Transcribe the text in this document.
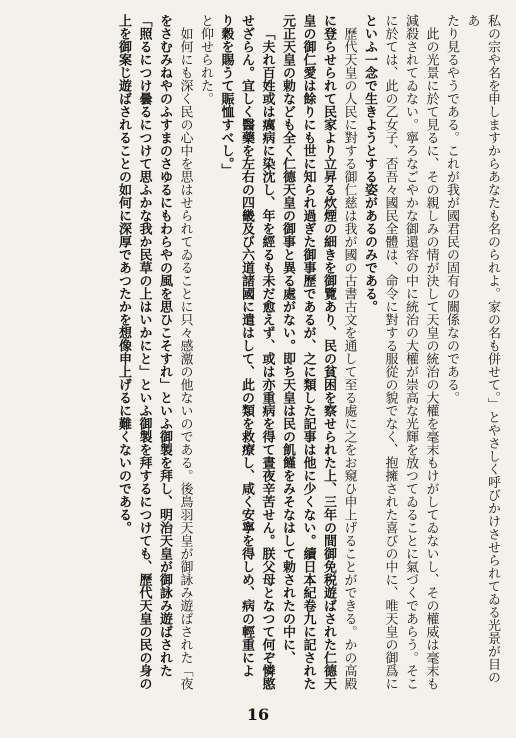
私の宗や名を申しますからあなたも名のられよ。家の名も併せて。」とやさしく呼びかけさせられてゐる光景が目のあ
たり見るやうである。これが我が國君民の固有の關係なのである。
此の光景に於て見るに、その親しみの情が決して天皇の統治の大權を毫末もけがしてゐないし、その權威は毫末も
減殺されてゐない。寧ろなごやかな御還容の中に統治の大權が崇高な光輝を放つてゐることに氣づくであらう。そこ
に於ては、此の乙女子、否吾々國民全體は、命令に對する服從の貌でなく、抱擁された喜びの中に、唯天皇の御爲に
といふ一念で生きようとする姿があるのみである。
歷代天皇の人民に對する御仁慈は我が國の古書古文を通して至る處に之をお窺ひ申上げることができる。かの高殿
に登らせられて民家より立昇る炊煙の細きを御覽あり、民の貧困を察せられた上、三年の間御免税遊ばされた仁德天
皇の御仁愛は餘りにも世に知られ過ぎた御事歷であるが、之に類した記事は他に少くない。續日本紀卷九に記された
元正天皇の勅なども全く仁德天皇の御事と異る處がない。即ち天皇は民の飢饉をみそなはして勅されたの中に、
「夫れ百姓或は癘病に染沈し、年を經るも未だ愈えず、或は亦重病を得て晝夜辛苦せん。朕父母となつて何ぞ憐愍
せざらん。宜しく醫藥を左右の四畿及び六道諸國に遣はして、此の類を救療し、咸く安寧を得しめ、病の輕重によ
り穀を賜うて賑恤すべし。」
と仰せられた。
如何にも深く民の心中を思はせられてゐることに只々感激の他ないのである。後鳥羽天皇が御詠み遊ばされた「夜
をさむみねやのふすまのさゆるにもわらやの風を思ひこそすれ」といふ御製を拜し、明治天皇が御詠み遊ばされた
「照るにつけ曇るにつけて思ふかな我か民草の上はいかにと」といふ御製を拜するにつけても、歷代天皇の民の身の
上を御案じ遊ばされることの如何に深厚であつたかを想像申上げるに難くないのである。
16
